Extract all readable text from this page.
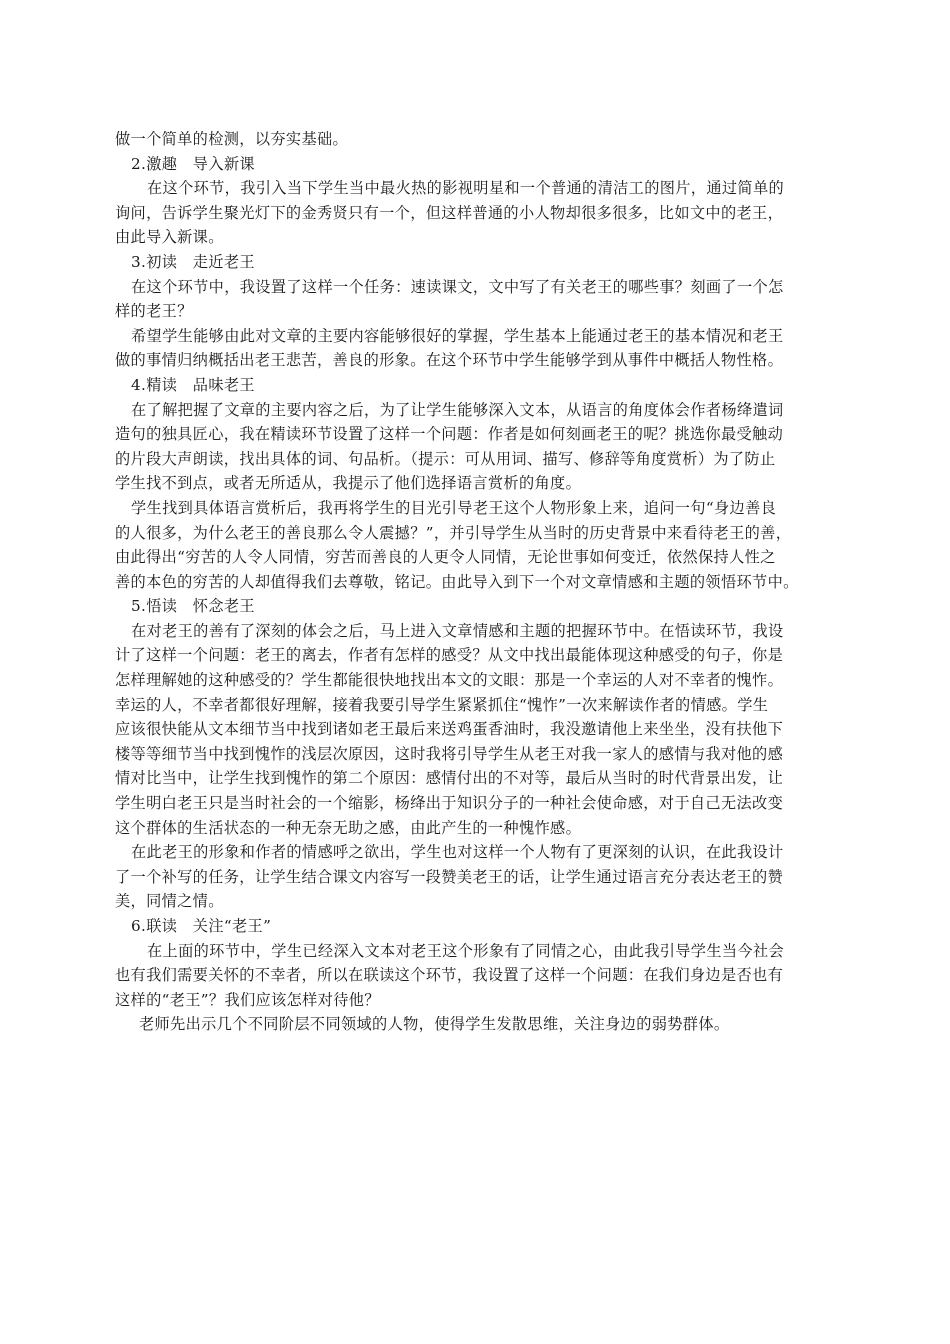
做一个简单的检测，以夯实基础。
2.激趣　导入新课
在这个环节，我引入当下学生当中最火热的影视明星和一个普通的清洁工的图片，通过简单的
询问，告诉学生聚光灯下的金秀贤只有一个，但这样普通的小人物却很多很多，比如文中的老王，
由此导入新课。
3.初读　走近老王
在这个环节中，我设置了这样一个任务：速读课文，文中写了有关老王的哪些事？刻画了一个怎
样的老王？
希望学生能够由此对文章的主要内容能够很好的掌握，学生基本上能通过老王的基本情况和老王
做的事情归纳概括出老王悲苦，善良的形象。在这个环节中学生能够学到从事件中概括人物性格。
4.精读　品味老王
在了解把握了文章的主要内容之后，为了让学生能够深入文本，从语言的角度体会作者杨绛遣词
造句的独具匠心，我在精读环节设置了这样一个问题：作者是如何刻画老王的呢？挑选你最受触动
的片段大声朗读，找出具体的词、句品析。（提示：可从用词、描写、修辞等角度赏析）为了防止
学生找不到点，或者无所适从，我提示了他们选择语言赏析的角度。
学生找到具体语言赏析后，我再将学生的目光引导老王这个人物形象上来，追问一句“身边善良
的人很多，为什么老王的善良那么令人震撼？”，并引导学生从当时的历史背景中来看待老王的善，
由此得出“穷苦的人令人同情，穷苦而善良的人更令人同情，无论世事如何变迁，依然保持人性之
善的本色的穷苦的人却值得我们去尊敬，铭记。由此导入到下一个对文章情感和主题的领悟环节中。
5.悟读　怀念老王
在对老王的善有了深刻的体会之后，马上进入文章情感和主题的把握环节中。在悟读环节，我设
计了这样一个问题：老王的离去，作者有怎样的感受？从文中找出最能体现这种感受的句子，你是
怎样理解她的这种感受的？学生都能很快地找出本文的文眼：那是一个幸运的人对不幸者的愧怍。
幸运的人，不幸者都很好理解，接着我要引导学生紧紧抓住“愧怍”一次来解读作者的情感。学生
应该很快能从文本细节当中找到诸如老王最后来送鸡蛋香油时，我没邀请他上来坐坐，没有扶他下
楼等等细节当中找到愧怍的浅层次原因，这时我将引导学生从老王对我一家人的感情与我对他的感
情对比当中，让学生找到愧怍的第二个原因：感情付出的不对等，最后从当时的时代背景出发，让
学生明白老王只是当时社会的一个缩影，杨绛出于知识分子的一种社会使命感，对于自己无法改变
这个群体的生活状态的一种无奈无助之感，由此产生的一种愧怍感。
在此老王的形象和作者的情感呼之欲出，学生也对这样一个人物有了更深刻的认识，在此我设计
了一个补写的任务，让学生结合课文内容写一段赞美老王的话，让学生通过语言充分表达老王的赞
美，同情之情。
6.联读　关注“老王”
在上面的环节中，学生已经深入文本对老王这个形象有了同情之心，由此我引导学生当今社会
也有我们需要关怀的不幸者，所以在联读这个环节，我设置了这样一个问题：在我们身边是否也有
这样的“老王”？我们应该怎样对待他？
老师先出示几个不同阶层不同领域的人物，使得学生发散思维，关注身边的弱势群体。
